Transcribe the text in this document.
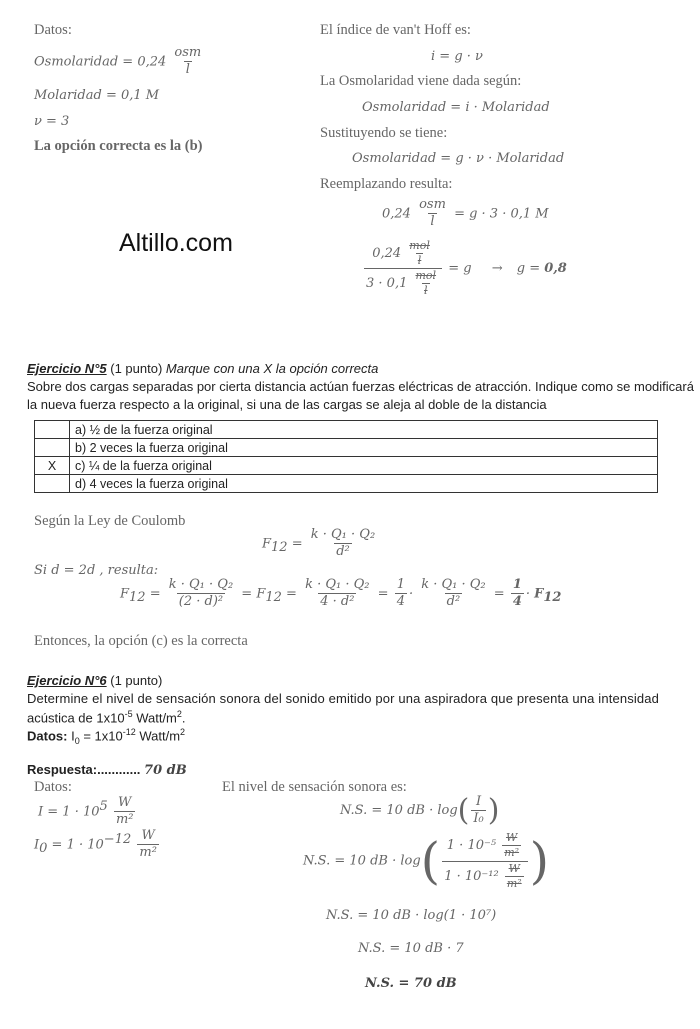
Datos:
Osmolaridad = $0,24 \frac{\text{osm}}{l}$
Molaridad = 0,1 M
ν = 3
La opción correcta es la (b)
El índice de van't Hoff es:
i = g · ν
La Osmolaridad viene dada según:
Osmolaridad = i · Molaridad
Sustituyendo se tiene:
Osmolaridad = g · ν · Molaridad
Reemplazando resulta:
$0,24 \frac{\text{osm}}{l} = g \cdot 3 \cdot 0,1$ M
$\frac{0,24 \frac{\text{mol}}{l}}{3 \cdot 0,1 \frac{\text{mol}}{l}} = g \to g = 0,8$
Altillo.com
Ejercicio N°5 (1 punto) Marque con una X la opción correcta
Sobre dos cargas separadas por cierta distancia actúan fuerzas eléctricas de atracción. Indique como se modificará
la nueva fuerza respecto a la original, si una de las cargas se aleja al doble de la distancia
	a) ½ de la fuerza original
	b) 2 veces la fuerza original
X	c) ¼ de la fuerza original
	d) 4 veces la fuerza original
Según la Ley de Coulomb
$F_{12} = \frac{\text{k · Q₁ · Q₂}}{\text{d²}}$
Si d = 2d , resulta:
$F_{12} = \frac{\text{k · Q₁ · Q₂}}{\text{(2 · d)²}} = F_{12} = \frac{\text{k · Q₁ · Q₂}}{\text{4 · d²}} = \frac{1}{4} \cdot \frac{\text{k · Q₁ · Q₂}}{\text{d²}} = \frac{1}{4} \cdot F_{12}$
Entonces, la opción (c) es la correcta
Ejercicio N°6 (1 punto)
Determine el nivel de sensación sonora del sonido emitido por una aspiradora que presenta una intensidad
acústica de $1x10^{-5}$ Watt/$m^2$.
Datos: $I_0 = 1x10^{-12}$ Watt/$m^2$
Respuesta:............ 70 dB
Datos:
$I = 1 \cdot 10^5 \frac{W}{\text{m²}}$
$I_0 = 1 \cdot 10^{-12} \frac{W}{\text{m²}}$
El nivel de sensación sonora es:
N.S. = 10 dB · $\log( \frac{I}{\text{I₀}}$ )
N.S. = 10 dB · $\log( \frac{1 \cdot 10^{-5} \frac{W}{\text{m²}}}{1 \cdot 10^{-12} \frac{W}{\text{m²}}}$ )
N.S. = 10 dB · log(1 · 10⁷)
N.S. = 10 dB · 7
N.S. = 70 dB
